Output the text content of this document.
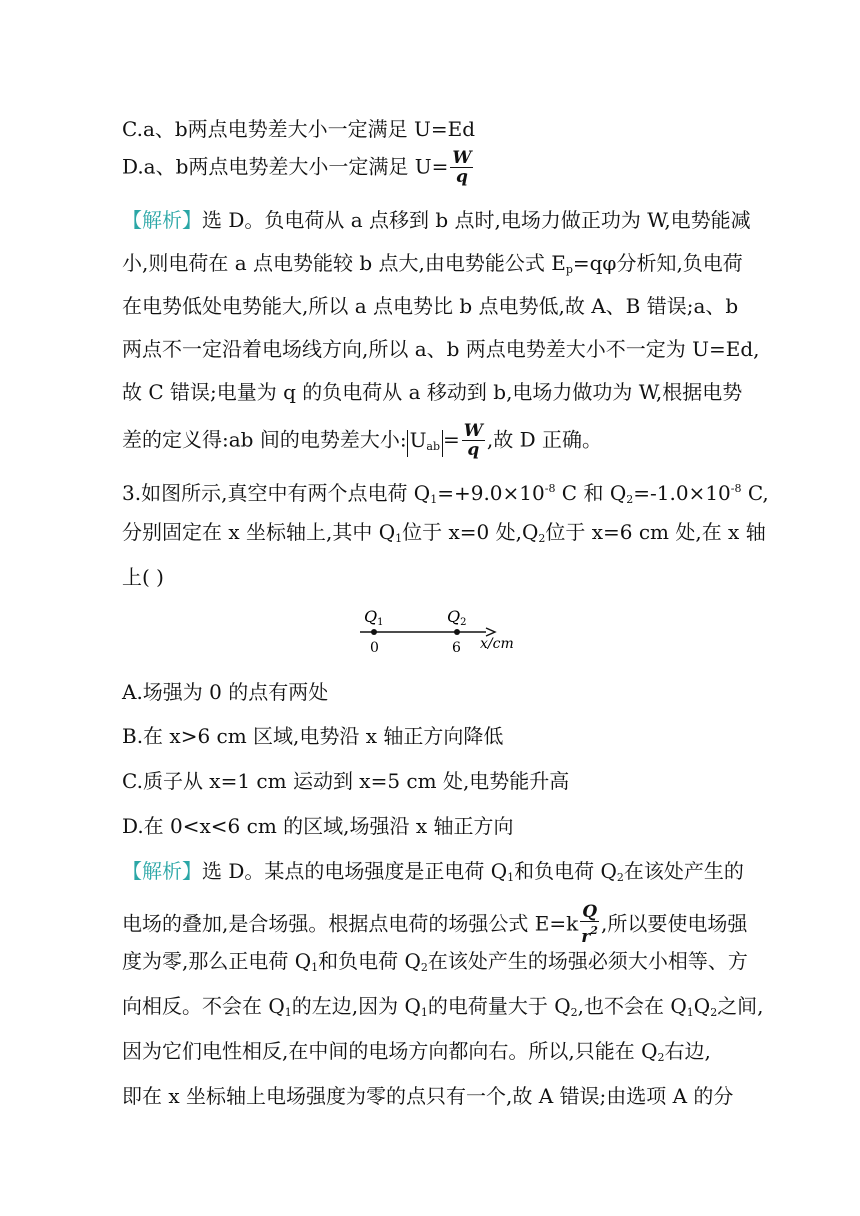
C.a、b两点电势差大小一定满足 U=Ed
D.a、b两点电势差大小一定满足 $U= \frac{W}{q}$
【解析】选 D。负电荷从 a 点移到 b 点时,电场力做正功为 W,电势能减
小,则电荷在 a 点电势能较 b 点大,由电势能公式 $E_p=q\varphi$分析知,负电荷
在电势低处电势能大,所以 a 点电势比 b 点电势低,故 A、B 错误;a、b
两点不一定沿着电场线方向,所以 a、b 两点电势差大小不一定为 U=Ed,
故 C 错误;电量为 q 的负电荷从 a 移动到 b,电场力做功为 W,根据电势
差的定义得:ab 间的电势差大小: $U_{ab} = \frac{W}{q}$ ,故 D 正确。
3.如图所示,真空中有两个点电荷 $Q_1=+9.0\times 10^{-8}$ C 和 $Q_2=-1.0\times 10^{-8}$ C,
分别固定在 x 坐标轴上,其中 $Q_1$位于 x=0 处$,Q_2$位于 x=6 cm 处,在 x 轴
上( )
Q1	Q2
0	6 x/cm
A.场强为 0 的点有两处
B.在 x>6 cm 区域,电势沿 x 轴正方向降低
C.质子从 x=1 cm 运动到 x=5 cm 处,电势能升高
D.在 0<x<6 cm 的区域,场强沿 x 轴正方向
【解析】选 D。某点的电场强度是正电荷 $Q_1$和负电荷 $Q_2$在该处产生的
电场的叠加,是合场强。根据点电荷的场强公式 $E=k \frac{Q}{r^2}$ ,所以要使电场强
度为零,那么正电荷 $Q_1$和负电荷 $Q_2$在该处产生的场强必须大小相等、方
向相反。不会在 $Q_1$的左边,因为 $Q_1$的电荷量大于 $Q_2$,也不会在 $Q_1Q_2$之间,
因为它们电性相反,在中间的电场方向都向右。所以,只能在 $Q_2$右边,
即在 x 坐标轴上电场强度为零的点只有一个,故 A 错误;由选项 A 的分
